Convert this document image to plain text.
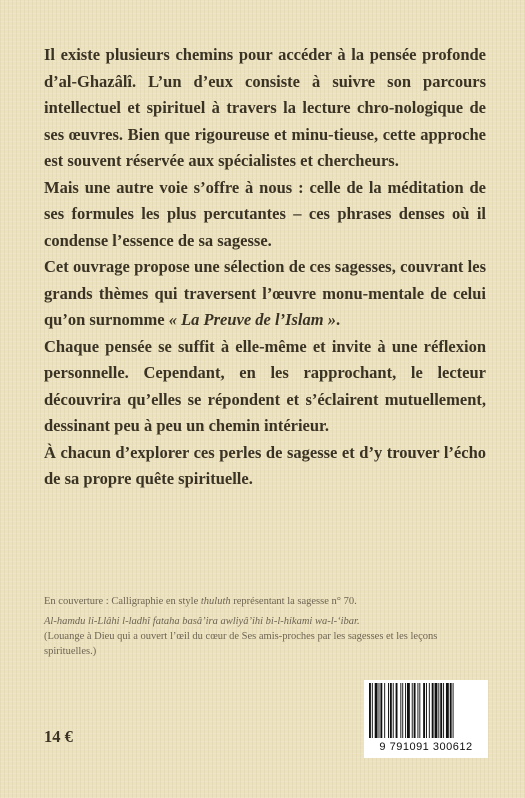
Il existe plusieurs chemins pour accéder à la pensée profonde d’al-Ghazâlî. L’un d’eux consiste à suivre son parcours intellectuel et spirituel à travers la lecture chro-nologique de ses œuvres. Bien que rigoureuse et minu-tieuse, cette approche est souvent réservée aux spécialistes et chercheurs.

Mais une autre voie s’offre à nous : celle de la méditation de ses formules les plus percutantes – ces phrases denses où il condense l’essence de sa sagesse.

Cet ouvrage propose une sélection de ces sagesses, couvrant les grands thèmes qui traversent l’œuvre monu-mentale de celui qu’on surnomme « La Preuve de l’Islam ».

Chaque pensée se suffit à elle-même et invite à une réflexion personnelle. Cependant, en les rapprochant, le lecteur découvrira qu’elles se répondent et s’éclairent mutuellement, dessinant peu à peu un chemin intérieur.

À chacun d’explorer ces perles de sagesse et d’y trouver l’écho de sa propre quête spirituelle.

En couverture : Calligraphie en style thuluth représentant la sagesse n° 70.

Al-hamdu li-Llâhi l-ladhî fataha basâ’ira awliyâ’ihi bi-l-hikami wa-l-‘ibar.

(Louange à Dieu qui a ouvert l’œil du cœur de Ses amis-proches par les sagesses et les leçons spirituelles.)

14 €
9 791091 300612
